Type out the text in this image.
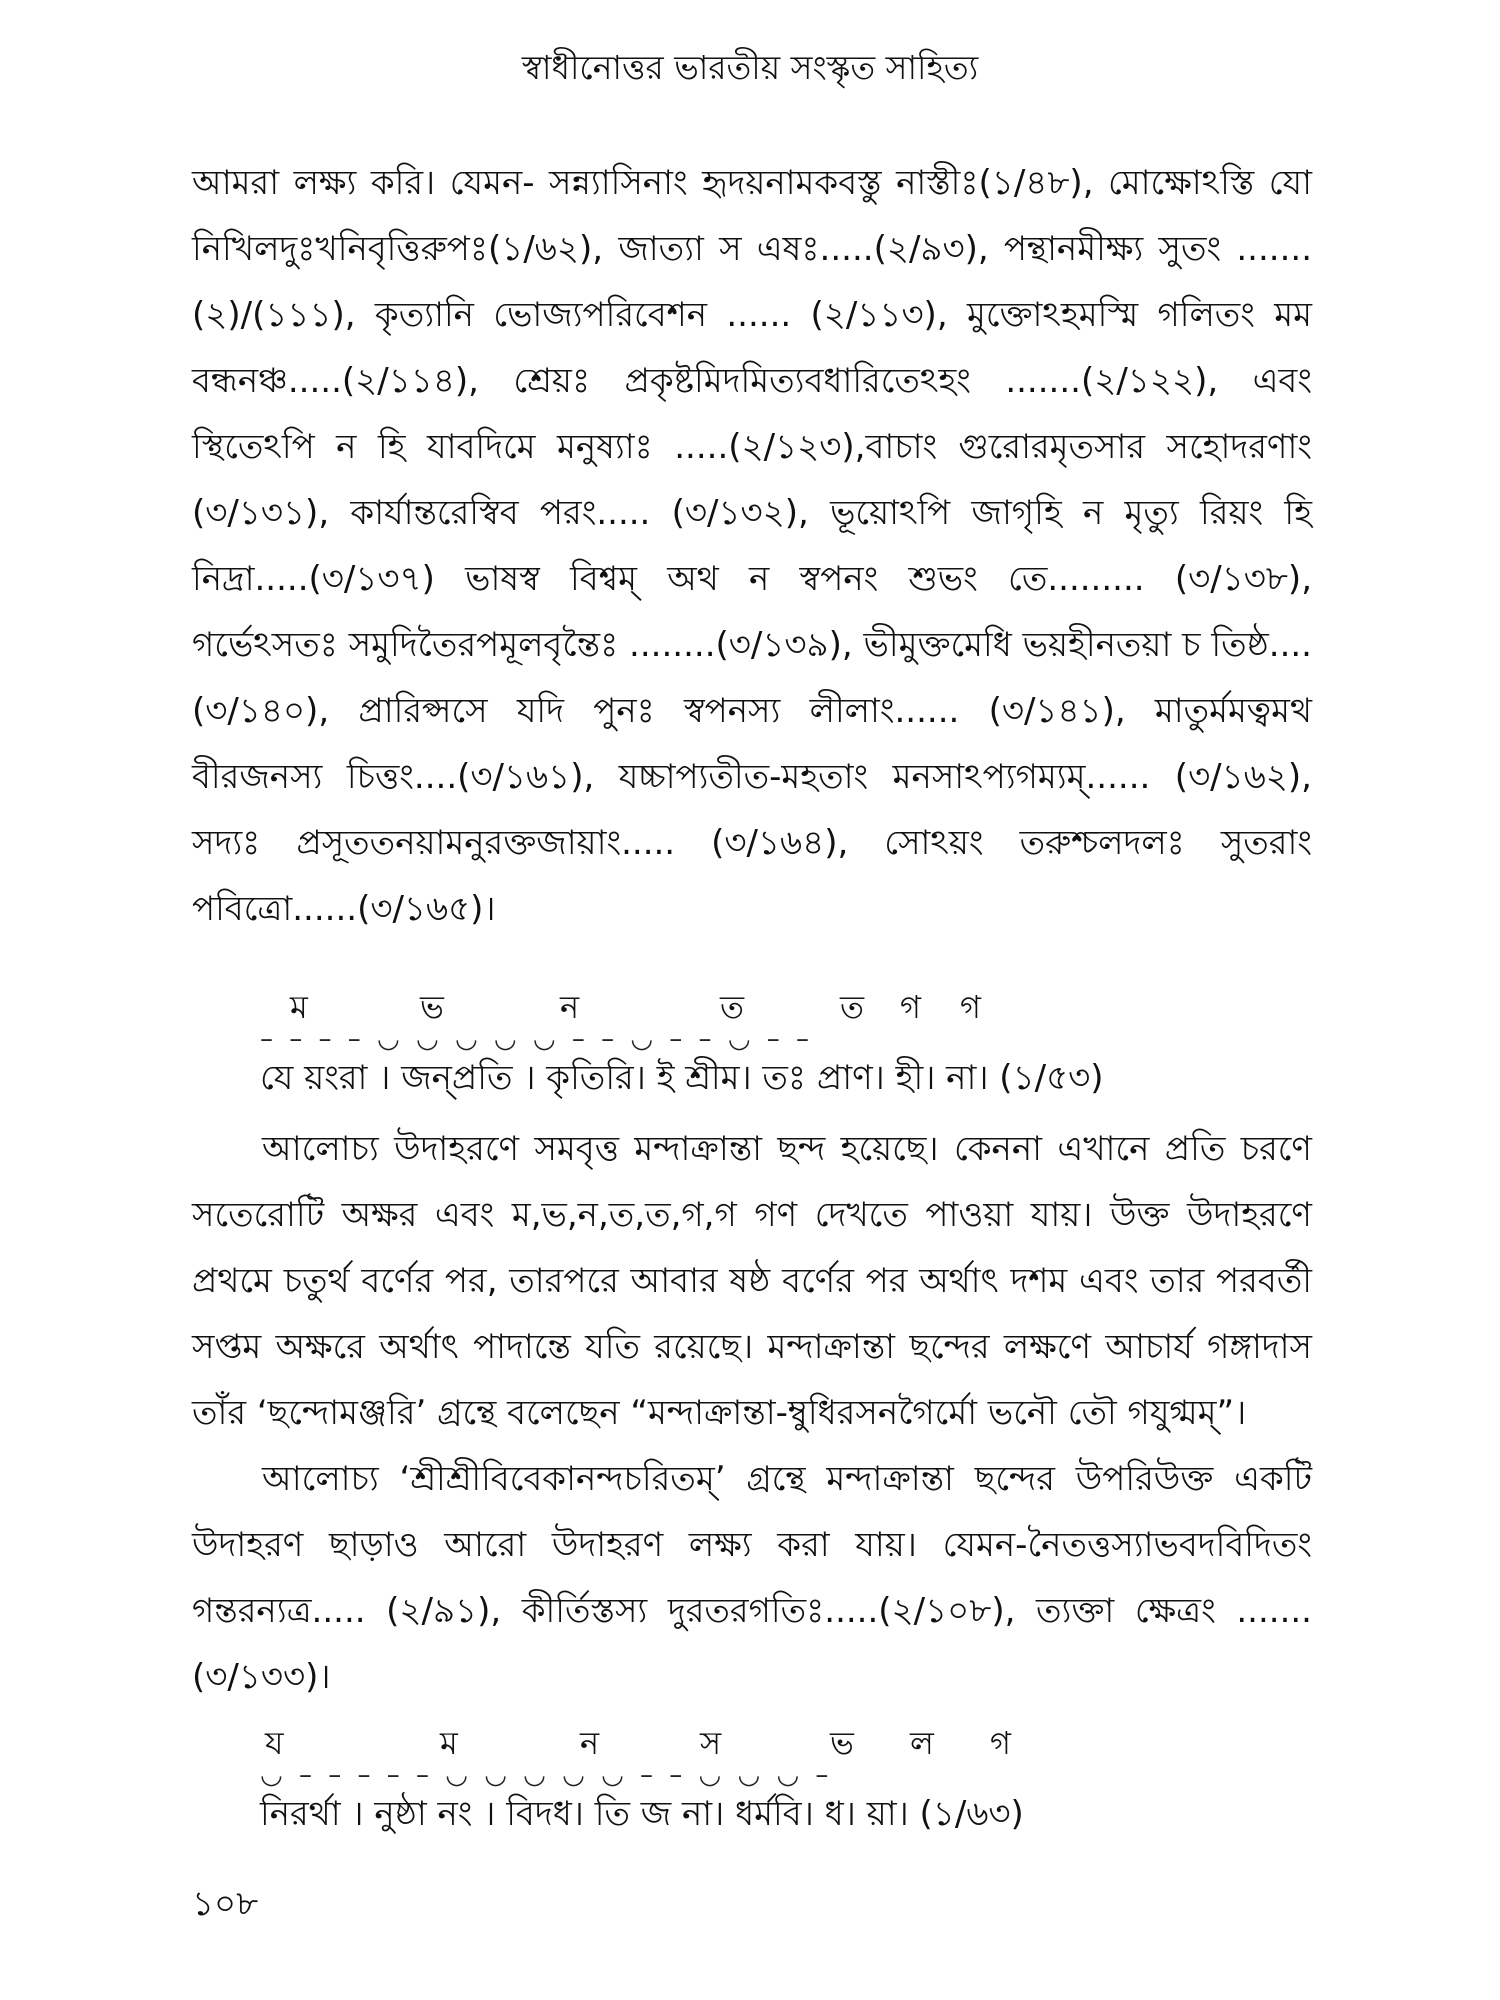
স্বাধীনোত্তর ভারতীয় সংস্কৃত সাহিত্য

আমরা লক্ষ্য করি। যেমন- সন্ন্যাসিনাং হৃদয়নামকবস্তু নাস্তীঃ(১/৪৮), মোক্ষোঽস্তি যো নিখিলদুঃখনিবৃত্তিরুপঃ(১/৬২), জাত্যা স এষঃ.....(২/৯৩), পন্থানমীক্ষ্য সুতং .......(২)/(১১১), কৃত্যানি ভোজ্যপরিবেশন ...... (২/১১৩), মুক্তোঽহমস্মি গলিতং মম বন্ধনঞ্চ.....(২/১১৪), শ্রেয়ঃ প্রকৃষ্টমিদমিত্যবধারিতেঽহং .......(২/১২২), এবং স্থিতেঽপি ন হি যাবদিমে মনুষ্যাঃ .....(২/১২৩),বাচাং গুরোরমৃতসার সহোদরণাং (৩/১৩১), কার্যান্তরেস্বিব পরং..... (৩/১৩২), ভূয়োঽপি জাগৃহি ন মৃত্যু রিয়ং হি নিদ্রা.....(৩/১৩৭) ভাষস্ব বিশ্বম্ অথ ন স্বপনং শুভং তে......... (৩/১৩৮), গর্ভেঽসতঃ সমুদিতৈরপমূলবৃন্তৈঃ ........(৩/১৩৯), ভীমুক্তমেধি ভয়হীনতয়া চ তিষ্ঠ....(৩/১৪০), প্রারিপ্সসে যদি পুনঃ স্বপনস্য লীলাং...... (৩/১৪১), মাতুর্মমত্বমথ বীরজনস্য চিত্তং....(৩/১৬১), যচ্চাপ্যতীত-মহতাং মনসাঽপ্যগম্যম্...... (৩/১৬২), সদ্যঃ প্রসূততনয়ামনুরক্তজায়াং..... (৩/১৬৪), সোঽয়ং তরুশ্চলদলঃ সুতরাং পবিত্রো......(৩/১৬৫)।

ম	ভ	ন	ত	ত গ গ
– – – – ◡ ◡ ◡ ◡ ◡ – – ◡ – – ◡ – –
যে য়ংরা । জন্প্রতি । কৃতিরি। ই শ্রীম। তঃ প্রাণ। হী। না। (১/৫৩)

আলোচ্য উদাহরণে সমবৃত্ত মন্দাক্রান্তা ছন্দ হয়েছে। কেননা এখানে প্রতি চরণে সতেরোটি অক্ষর এবং ম,ভ,ন,ত,ত,গ,গ গণ দেখতে পাওয়া যায়। উক্ত উদাহরণে প্রথমে চতুর্থ বর্ণের পর, তারপরে আবার ষষ্ঠ বর্ণের পর অর্থাৎ দশম এবং তার পরবর্তী সপ্তম অক্ষরে অর্থাৎ পাদান্তে যতি রয়েছে। মন্দাক্রান্তা ছন্দের লক্ষণে আচার্য গঙ্গাদাস তাঁর ‘ছন্দোমঞ্জরি’ গ্রন্থে বলেছেন “মন্দাক্রান্তা-ম্বুধিরসনগৈর্মো ভনৌ তৌ গযুগ্মম্”।

আলোচ্য ‘শ্রীশ্রীবিবেকানন্দচরিতম্’ গ্রন্থে মন্দাক্রান্তা ছন্দের উপরিউক্ত একটি উদাহরণ ছাড়াও আরো উদাহরণ লক্ষ্য করা যায়। যেমন-নৈতত্তস্যাভবদবিদিতং গন্তরন্যত্র..... (২/৯১), কীর্তিস্তস্য দুরতরগতিঃ.....(২/১০৮), ত্যক্তা ক্ষেত্রং .......(৩/১৩৩)।

য	ম	ন	স	ভ ল গ
◡ – – – – – ◡ ◡ ◡ ◡ ◡ – – ◡ ◡ ◡ –
নিরর্থা । নুষ্ঠা নং । বিদধ। তি জ না। ধর্মবি। ধ। য়া। (১/৬৩)
১০৮
